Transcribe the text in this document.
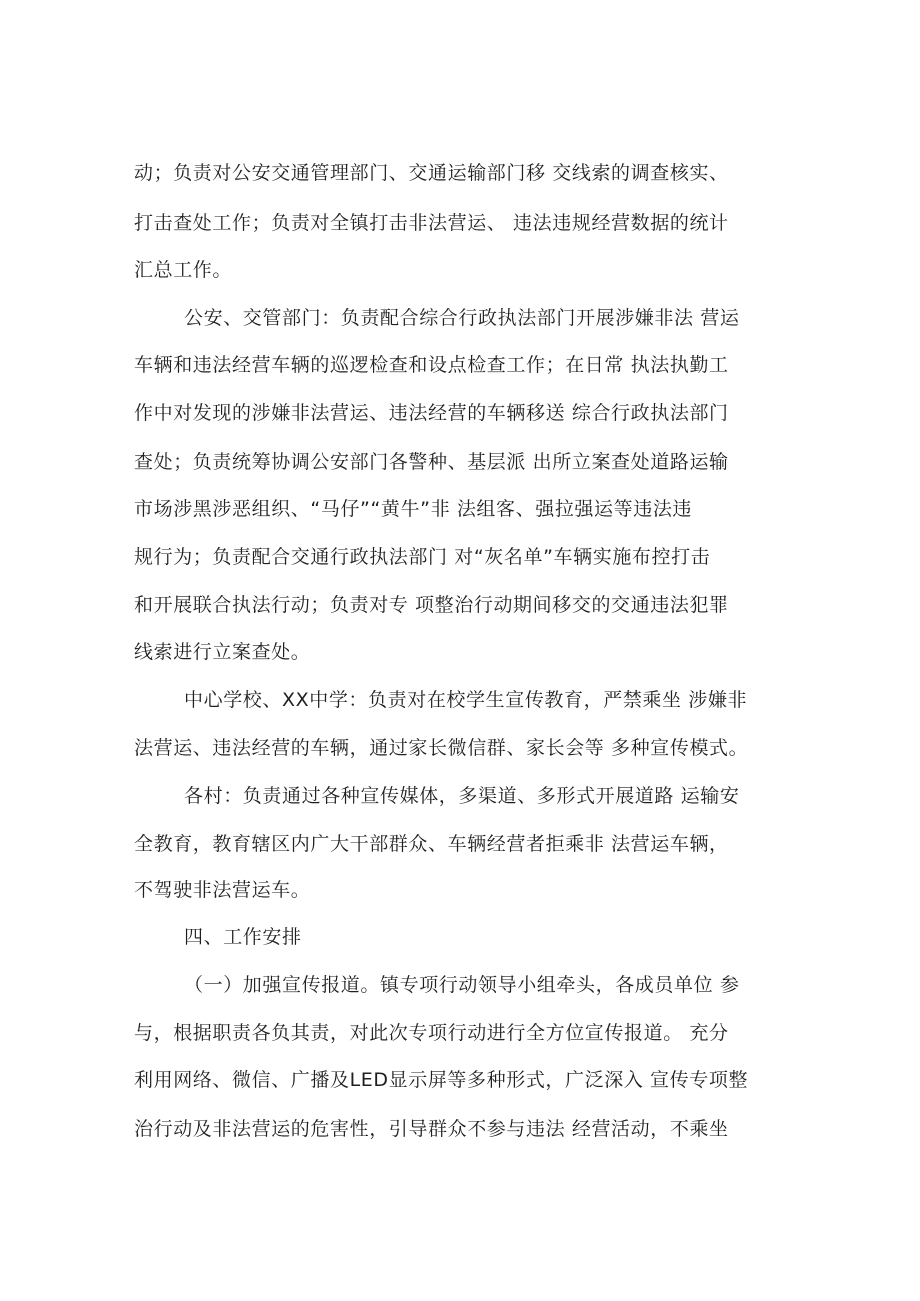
动；负责对公安交通管理部门、交通运输部门移 交线索的调查核实、
打击查处工作；负责对全镇打击非法营运、 违法违规经营数据的统计
汇总工作。
公安、交管部门：负责配合综合行政执法部门开展涉嫌非法 营运
车辆和违法经营车辆的巡逻检查和设点检查工作；在日常 执法执勤工
作中对发现的涉嫌非法营运、违法经营的车辆移送 综合行政执法部门
查处；负责统筹协调公安部门各警种、基层派 出所立案查处道路运输
市场涉黑涉恶组织、“马仔”“黄牛”非 法组客、强拉强运等违法违
规行为；负责配合交通行政执法部门 对“灰名单”车辆实施布控打击
和开展联合执法行动；负责对专 项整治行动期间移交的交通违法犯罪
线索进行立案查处。
中心学校、XX中学：负责对在校学生宣传教育，严禁乘坐 涉嫌非
法营运、违法经营的车辆，通过家长微信群、家长会等 多种宣传模式。
各村：负责通过各种宣传媒体，多渠道、多形式开展道路 运输安
全教育，教育辖区内广大干部群众、车辆经营者拒乘非 法营运车辆，
不驾驶非法营运车。
四、工作安排
（一）加强宣传报道。镇专项行动领导小组牵头，各成员单位 参
与，根据职责各负其责，对此次专项行动进行全方位宣传报道。 充分
利用网络、微信、广播及LED显示屏等多种形式，广泛深入 宣传专项整
治行动及非法营运的危害性，引导群众不参与违法 经营活动，不乘坐
